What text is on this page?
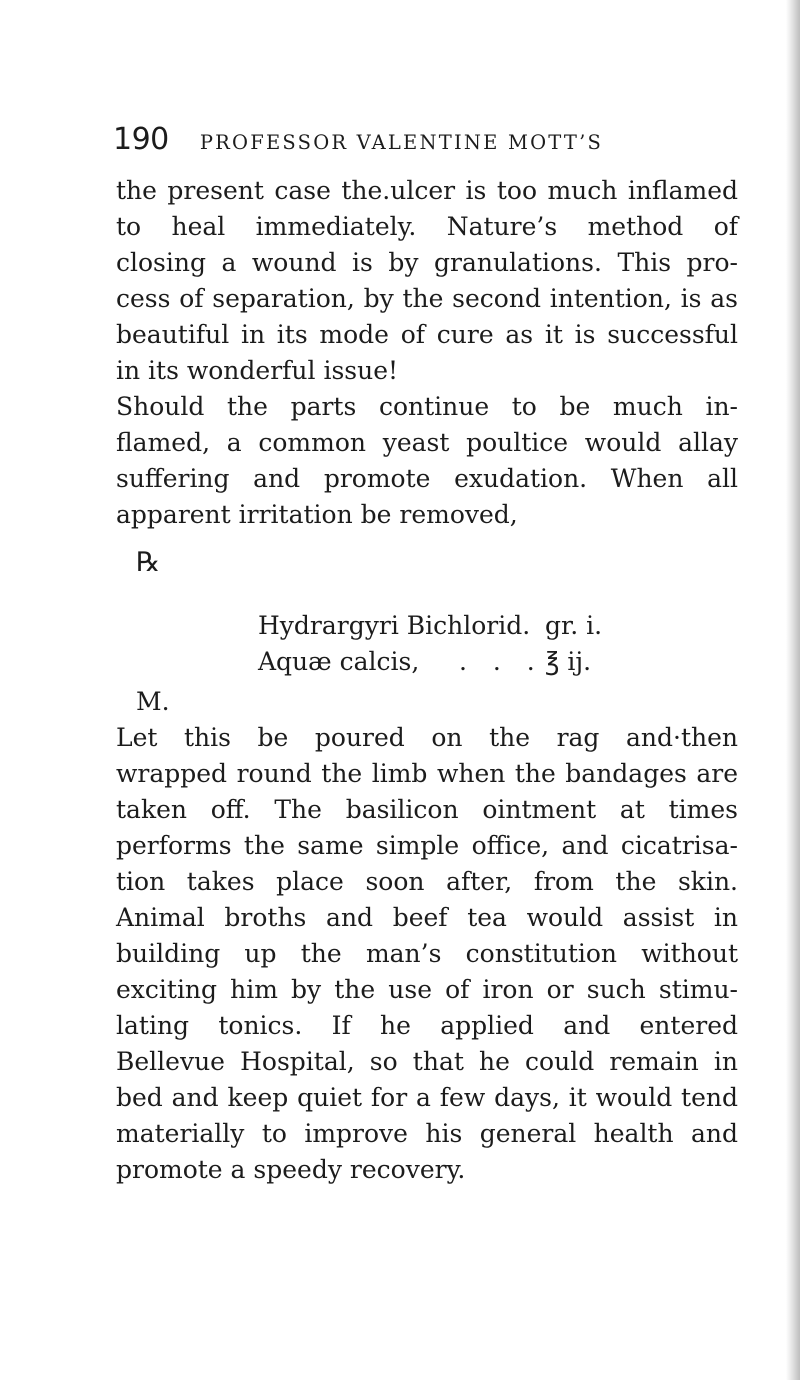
190 PROFESSOR VALENTINE MOTT’S
the present case the.ulcer is too much inflamed
to heal immediately. Nature’s method of
closing a wound is by granulations. This pro-
cess of separation, by the second intention, is as
beautiful in its mode of cure as it is successful
in its wonderful issue!
Should the parts continue to be much in-
flamed, a common yeast poultice would allay
suffering and promote exudation. When all
apparent irritation be removed,
℞
Hydrargyri Bichlorid. gr. i.
Aquæ calcis, . . . ℥ ij.
M.
Let this be poured on the rag and·then
wrapped round the limb when the bandages are
taken off. The basilicon ointment at times
performs the same simple office, and cicatrisa-
tion takes place soon after, from the skin.
Animal broths and beef tea would assist in
building up the man’s constitution without
exciting him by the use of iron or such stimu-
lating tonics. If he applied and entered
Bellevue Hospital, so that he could remain in
bed and keep quiet for a few days, it would tend
materially to improve his general health and
promote a speedy recovery.
